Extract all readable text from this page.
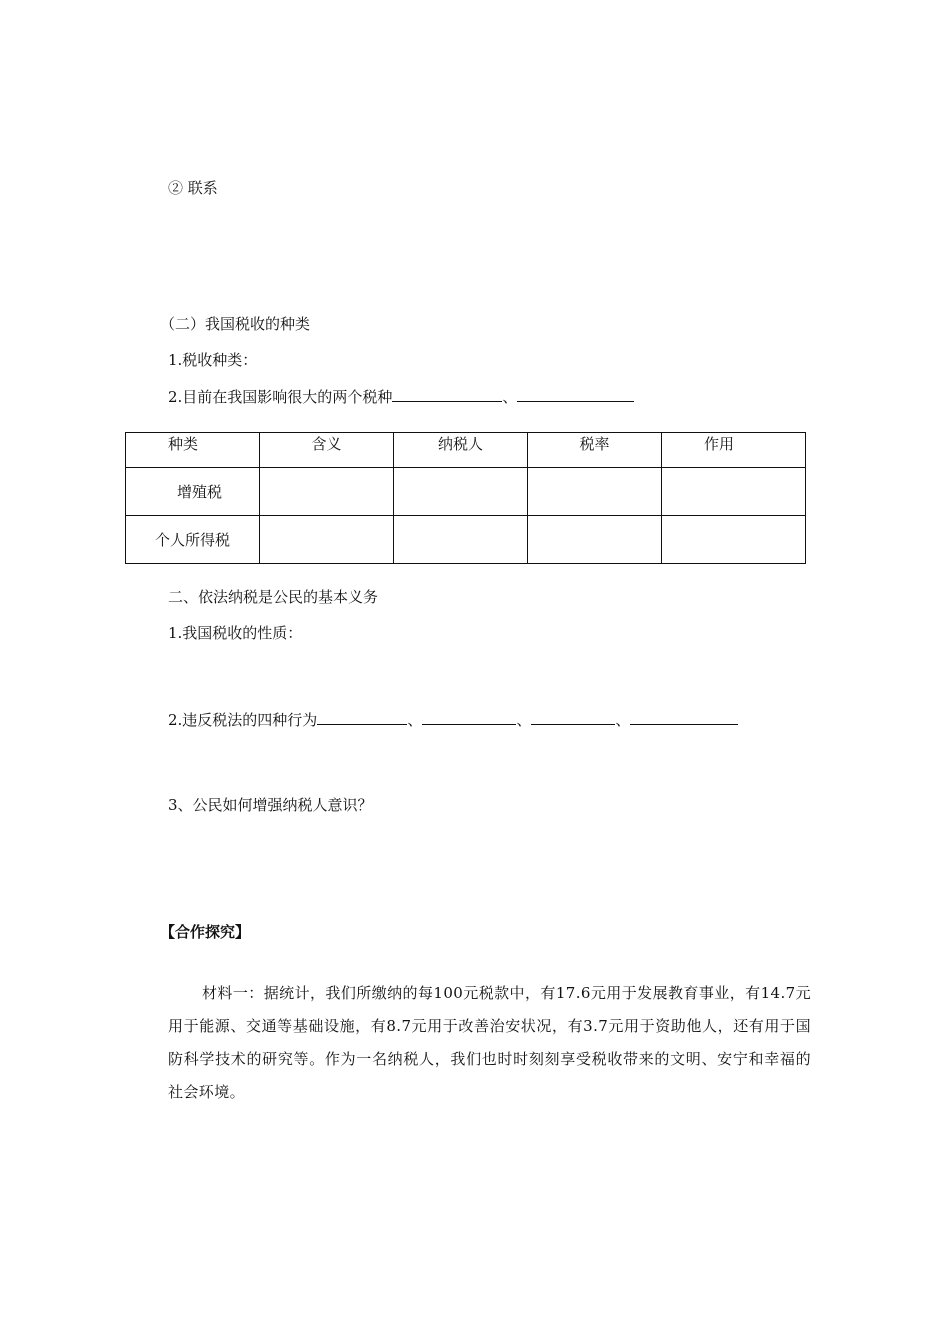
② 联系
（二）我国税收的种类
1.税收种类：
2.目前在我国影响很大的两个税种	、
种类	含义	纳税人	税率	作用
增殖税				
个人所得税				
二、依法纳税是公民的基本义务
1.我国税收的性质：
2.违反税法的四种行为	、	、	、
3、公民如何增强纳税人意识？
【合作探究】
材料一：据统计，我们所缴纳的每100元税款中，有17.6元用于发展教育事业，有14.7元用于能源、交通等基础设施，有8.7元用于改善治安状况，有3.7元用于资助他人，还有用于国防科学技术的研究等。作为一名纳税人，我们也时时刻刻享受税收带来的文明、安宁和幸福的社会环境。
